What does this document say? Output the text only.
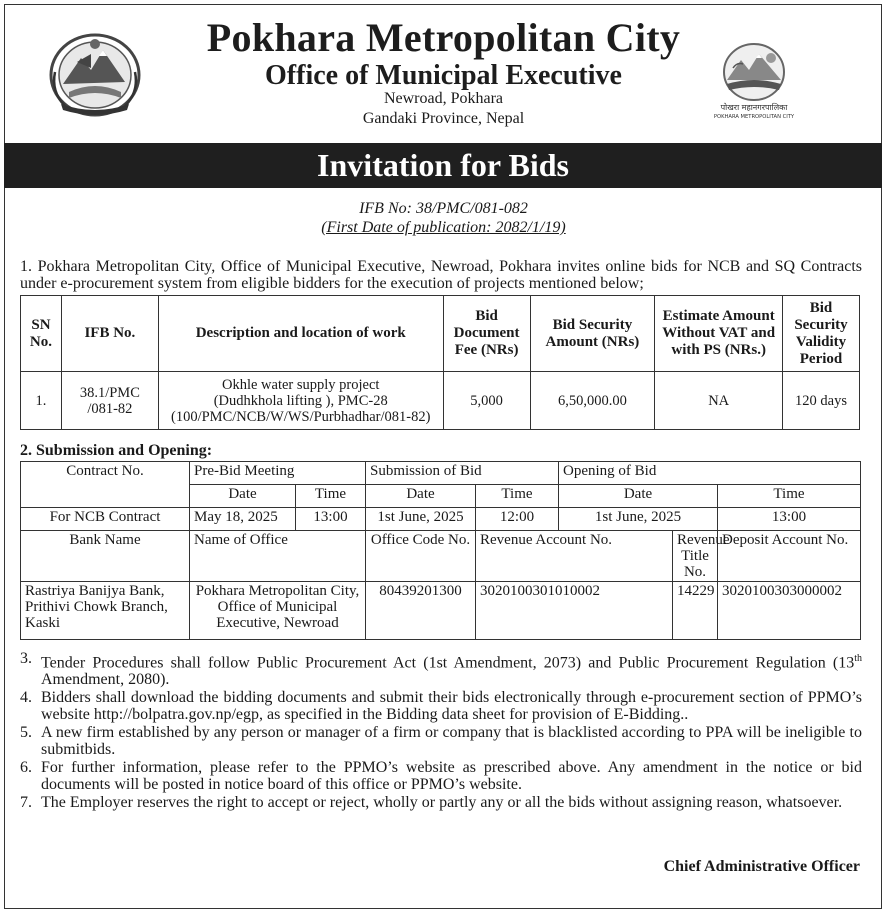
Pokhara Metropolitan City
Office of Municipal Executive
Newroad, Pokhara
Gandaki Province, Nepal
पोखरा महानगरपालिका
POKHARA METROPOLITAN CITY
Invitation for Bids
IFB No: 38/PMC/081-082
(First Date of publication: 2082/1/19)
1. Pokhara Metropolitan City, Office of Municipal Executive, Newroad, Pokhara invites online bids for NCB and SQ Contracts under e-procurement system from eligible bidders for the execution of projects mentioned below;
SN No.	IFB No.	Description and location of work	Bid Document Fee (NRs)	Bid Security Amount (NRs)	Estimate Amount Without VAT and with PS (NRs.)	Bid Security Validity Period
1.	38.1/PMC /081-82	Okhle water supply project
(Dudhkhola lifting ), PMC-28
(100/PMC/NCB/W/WS/Purbhadhar/081-82)	5,000	6,50,000.00	NA	120 days
2. Submission and Opening:
Contract No.	Pre-Bid Meeting		Submission of Bid		Opening of Bid		
	Date	Time	Date	Time	Date		Time
For NCB Contract	May 18, 2025	13:00	1st June, 2025	12:00	1st June, 2025		13:00
Bank Name	Name of Office		Office Code No.	Revenue Account No.		Revenue Title No.	Deposit Account No.
Rastriya Banijya Bank, Prithivi Chowk Branch, Kaski	Pokhara Metropolitan City, Office of Municipal Executive, Newroad		80439201300	3020100301010002		14229	3020100303000002
3. Tender Procedures shall follow Public Procurement Act (1st Amendment, 2073) and Public Procurement Regulation (13th Amendment, 2080).
4. Bidders shall download the bidding documents and submit their bids electronically through e-procurement section of PPMO’s website http://bolpatra.gov.np/egp, as specified in the Bidding data sheet for provision of E-Bidding..
5. A new firm established by any person or manager of a firm or company that is blacklisted according to PPA will be ineligible to submitbids.
6. For further information, please refer to the PPMO’s website as prescribed above. Any amendment in the notice or bid documents will be posted in notice board of this office or PPMO’s website.
7. The Employer reserves the right to accept or reject, wholly or partly any or all the bids without assigning reason, whatsoever.
Chief Administrative Officer
